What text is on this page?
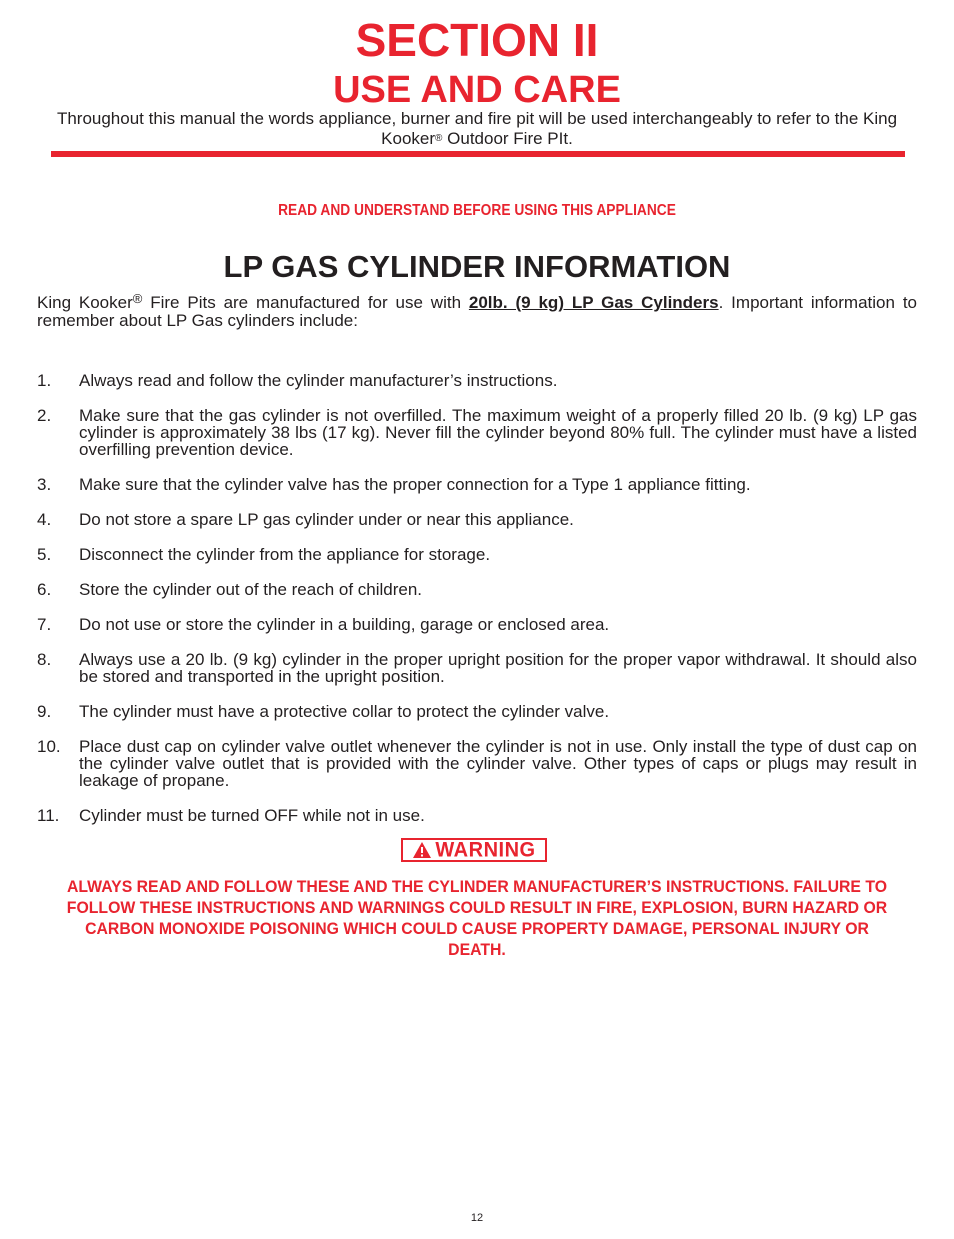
SECTION II
USE AND CARE

Throughout this manual the words appliance, burner and fire pit will be used interchangeably to refer to the King Kooker® Outdoor Fire PIt.

READ AND UNDERSTAND BEFORE USING THIS APPLIANCE

LP GAS CYLINDER INFORMATION

King Kooker® Fire Pits are manufactured for use with 20lb. (9 kg) LP Gas Cylinders. Important information to remember about LP Gas cylinders include:

1. Always read and follow the cylinder manufacturer’s instructions.
2. Make sure that the gas cylinder is not overfilled. The maximum weight of a properly filled 20 lb. (9 kg) LP gas cylinder is approximately 38 lbs (17 kg). Never fill the cylinder beyond 80% full. The cylinder must have a listed overfilling prevention device.
3. Make sure that the cylinder valve has the proper connection for a Type 1 appliance fitting.
4. Do not store a spare LP gas cylinder under or near this appliance.
5. Disconnect the cylinder from the appliance for storage.
6. Store the cylinder out of the reach of children.
7. Do not use or store the cylinder in a building, garage or enclosed area.
8. Always use a 20 lb. (9 kg) cylinder in the proper upright position for the proper vapor withdrawal. It should also be stored and transported in the upright position.
9. The cylinder must have a protective collar to protect the cylinder valve.
10. Place dust cap on cylinder valve outlet whenever the cylinder is not in use. Only install the type of dust cap on the cylinder valve outlet that is provided with the cylinder valve. Other types of caps or plugs may result in leakage of propane.
11. Cylinder must be turned OFF while not in use.
WARNING

ALWAYS READ AND FOLLOW THESE AND THE CYLINDER MANUFACTURER’S INSTRUCTIONS. FAILURE TO FOLLOW THESE INSTRUCTIONS AND WARNINGS COULD RESULT IN FIRE, EXPLOSION, BURN HAZARD OR CARBON MONOXIDE POISONING WHICH COULD CAUSE PROPERTY DAMAGE, PERSONAL INJURY OR DEATH.

12
